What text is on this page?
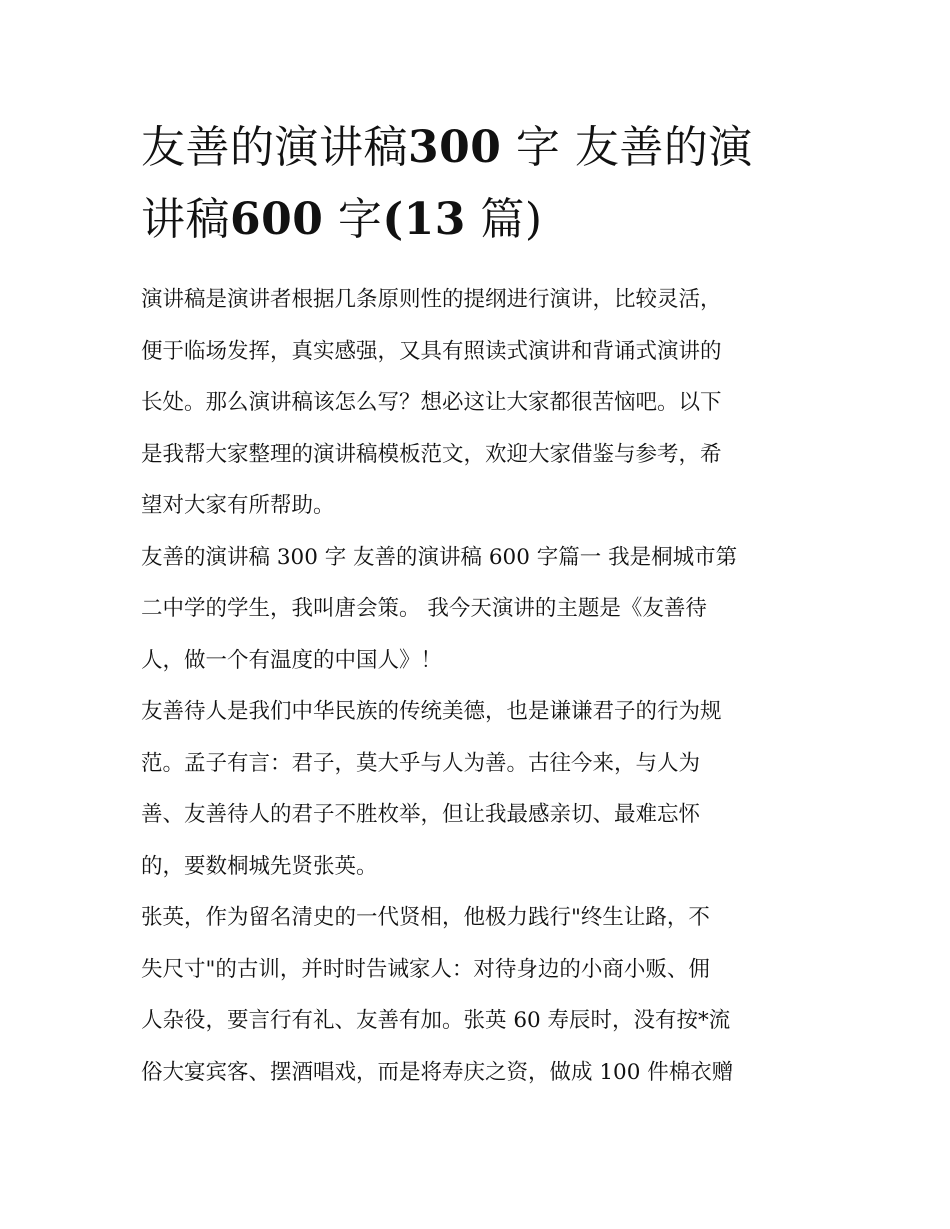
友善的演讲稿300 字 友善的演
讲稿600 字(13 篇)

演讲稿是演讲者根据几条原则性的提纲进行演讲，比较灵活，
便于临场发挥，真实感强，又具有照读式演讲和背诵式演讲的
长处。那么演讲稿该怎么写？想必这让大家都很苦恼吧。以下
是我帮大家整理的演讲稿模板范文，欢迎大家借鉴与参考，希
望对大家有所帮助。

友善的演讲稿 300 字 友善的演讲稿 600 字篇一 我是桐城市第
二中学的学生，我叫唐会策。 我今天演讲的主题是《友善待
人，做一个有温度的中国人》！

友善待人是我们中华民族的传统美德，也是谦谦君子的行为规
范。孟子有言：君子，莫大乎与人为善。古往今来，与人为
善、友善待人的君子不胜枚举，但让我最感亲切、最难忘怀
的，要数桐城先贤张英。

张英，作为留名清史的一代贤相，他极力践行"终生让路，不
失尺寸"的古训，并时时告诫家人：对待身边的小商小贩、佣
人杂役，要言行有礼、友善有加。张英 60 寿辰时，没有按*流
俗大宴宾客、摆酒唱戏，而是将寿庆之资，做成 100 件棉衣赠
